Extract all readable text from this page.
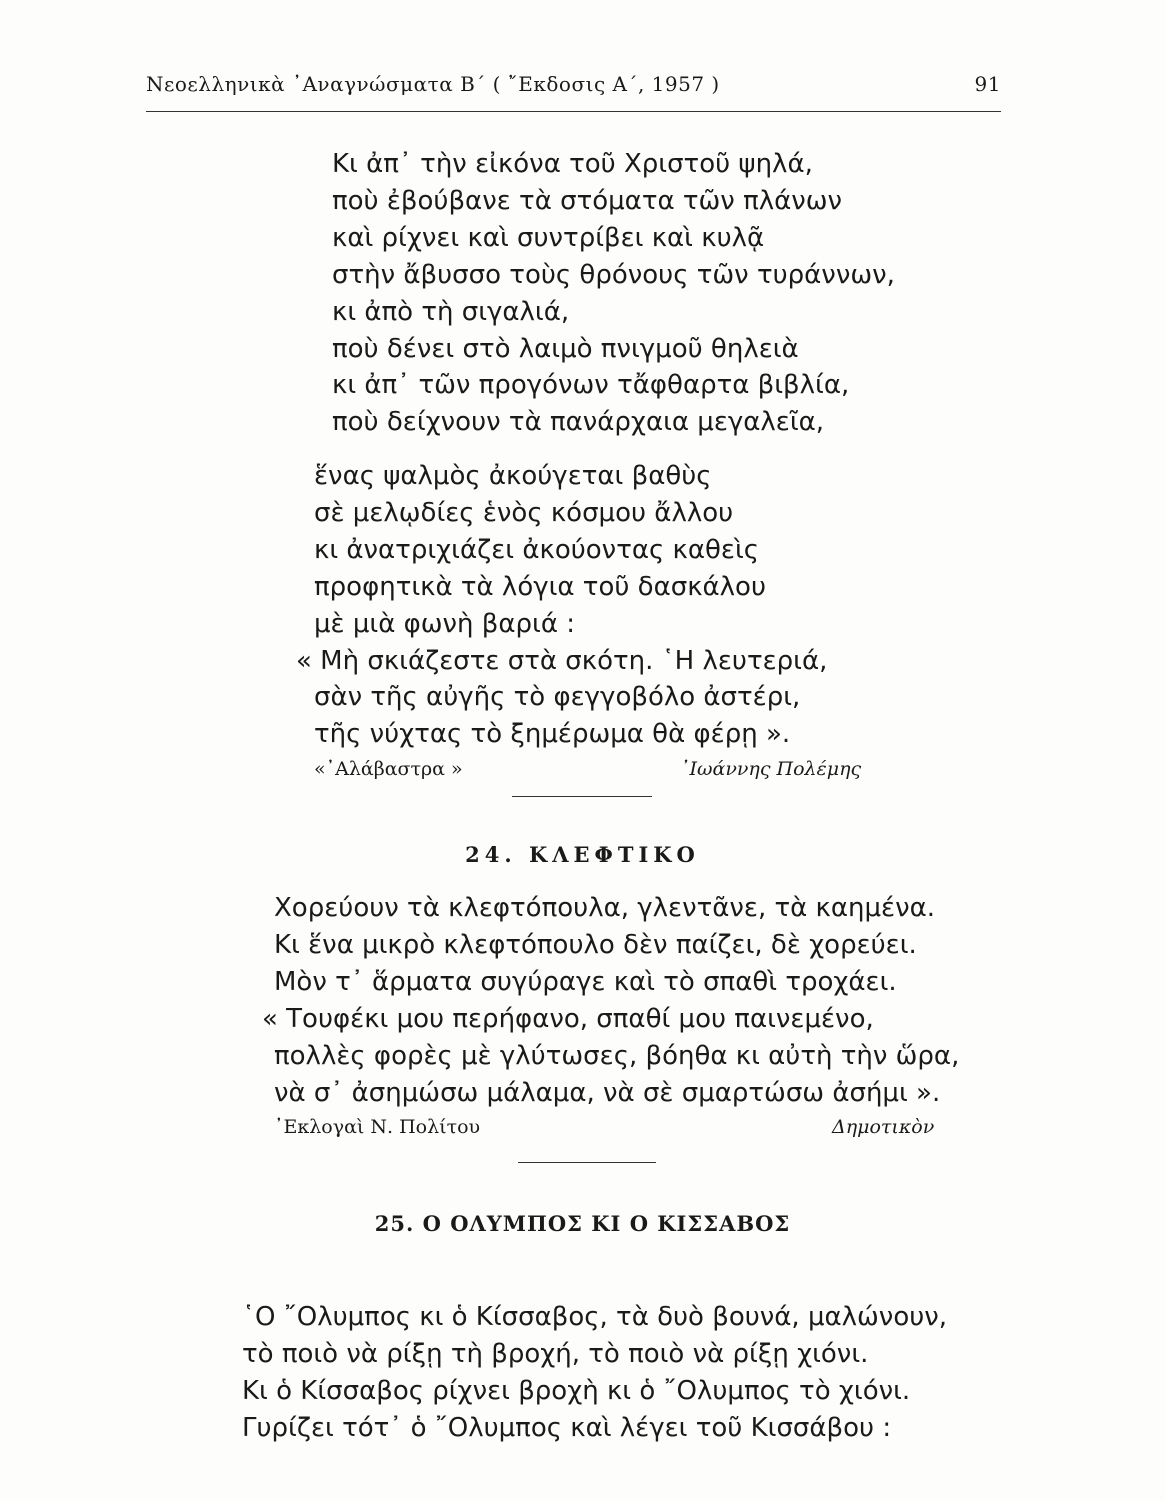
Νεοελληνικὰ ᾿Αναγνώσματα Β΄ ( ῎Εκδοσις Α΄, 1957 )	91
Κι ἀπ᾿ τὴν εἰκόνα τοῦ Χριστοῦ ψηλά,
ποὺ ἐβούβανε τὰ στόματα τῶν πλάνων
καὶ ρίχνει καὶ συντρίβει καὶ κυλᾷ
στὴν ἄβυσσο τοὺς θρόνους τῶν τυράννων,
κι ἀπὸ τὴ σιγαλιά,
ποὺ δένει στὸ λαιμὸ πνιγμοῦ θηλειὰ
κι ἀπ᾿ τῶν προγόνων τἄφθαρτα βιβλία,
ποὺ δείχνουν τὰ πανάρχαια μεγαλεῖα,
ἕνας ψαλμὸς ἀκούγεται βαθὺς
σὲ μελῳδίες ἑνὸς κόσμου ἄλλου
κι ἀνατριχιάζει ἀκούοντας καθεὶς
προφητικὰ τὰ λόγια τοῦ δασκάλου
μὲ μιὰ φωνὴ βαριά :
« Μὴ σκιάζεστε στὰ σκότη. ῾Η λευτεριά,
σὰν τῆς αὐγῆς τὸ φεγγοβόλο ἀστέρι,
τῆς νύχτας τὸ ξημέρωμα θὰ φέρῃ ».
«᾿Αλάβαστρα »	᾿Ιωάννης Πολέμης
24. ΚΛΕΦΤΙΚΟ
Χορεύουν τὰ κλεφτόπουλα, γλεντᾶνε, τὰ καημένα.
Κι ἕνα μικρὸ κλεφτόπουλο δὲν παίζει, δὲ χορεύει.
Μὸν τ᾿ ἅρματα συγύραγε καὶ τὸ σπαθὶ τροχάει.
« Τουφέκι μου περήφανο, σπαθί μου παινεμένο,
πολλὲς φορὲς μὲ γλύτωσες, βόηθα κι αὐτὴ τὴν ὥρα,
νὰ σ᾿ ἀσημώσω μάλαμα, νὰ σὲ σμαρτώσω ἀσήμι ».
᾿Εκλογαὶ Ν. Πολίτου	Δημοτικὸν
25. Ο ΟΛΥΜΠΟΣ ΚΙ Ο ΚΙΣΣΑΒΟΣ
῾Ο ῎Ολυμπος κι ὁ Κίσσαβος, τὰ δυὸ βουνά, μαλώνουν,
τὸ ποιὸ νὰ ρίξῃ τὴ βροχή, τὸ ποιὸ νὰ ρίξῃ χιόνι.
Κι ὁ Κίσσαβος ρίχνει βροχὴ κι ὁ ῎Ολυμπος τὸ χιόνι.
Γυρίζει τότ᾿ ὁ ῎Ολυμπος καὶ λέγει τοῦ Κισσάβου :
